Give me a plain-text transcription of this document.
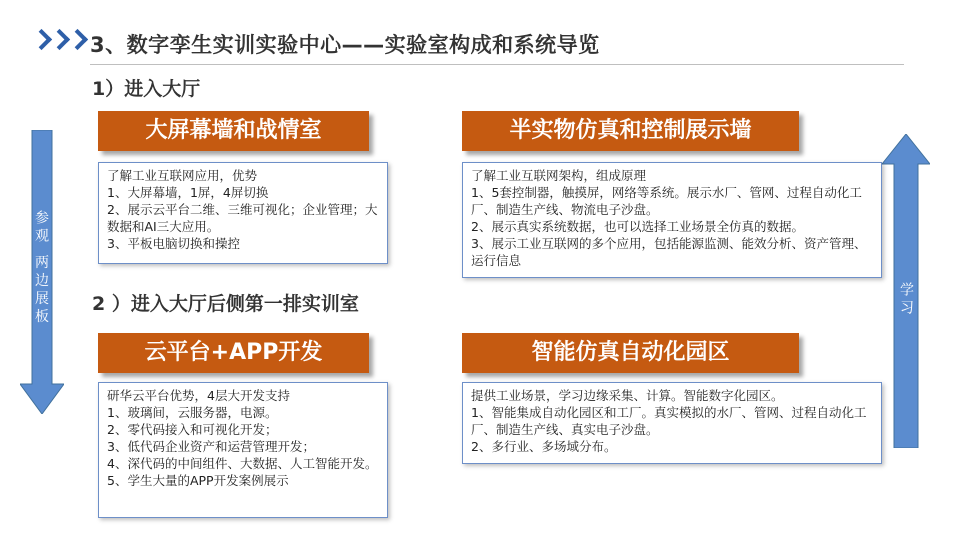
3、数字孪生实训实验中心——实验室构成和系统导览
1）进入大厅
2 ）进入大厅后侧第一排实训室
参观 两边展板	学习
大屏幕墙和战情室
了解工业互联网应用，优势
1、大屏幕墙，1屏，4屏切换
2、展示云平台二维、三维可视化；企业管理；大数据和AI三大应用。
3、平板电脑切换和操控
半实物仿真和控制展示墙
了解工业互联网架构，组成原理
1、5套控制器，触摸屏，网络等系统。展示水厂、管网、过程自动化工厂、制造生产线、物流电子沙盘。
2、展示真实系统数据，也可以选择工业场景全仿真的数据。
3、展示工业互联网的多个应用，包括能源监测、能效分析、资产管理、运行信息
云平台+APP开发
研华云平台优势，4层大开发支持
1、玻璃间，云服务器，电源。
2、零代码接入和可视化开发；
3、低代码企业资产和运营管理开发；
4、深代码的中间组件、大数据、人工智能开发。
5、学生大量的APP开发案例展示
智能仿真自动化园区
提供工业场景，学习边缘采集、计算。智能数字化园区。
1、智能集成自动化园区和工厂。真实模拟的水厂、管网、过程自动化工厂、制造生产线、真实电子沙盘。
2、多行业、多场域分布。
